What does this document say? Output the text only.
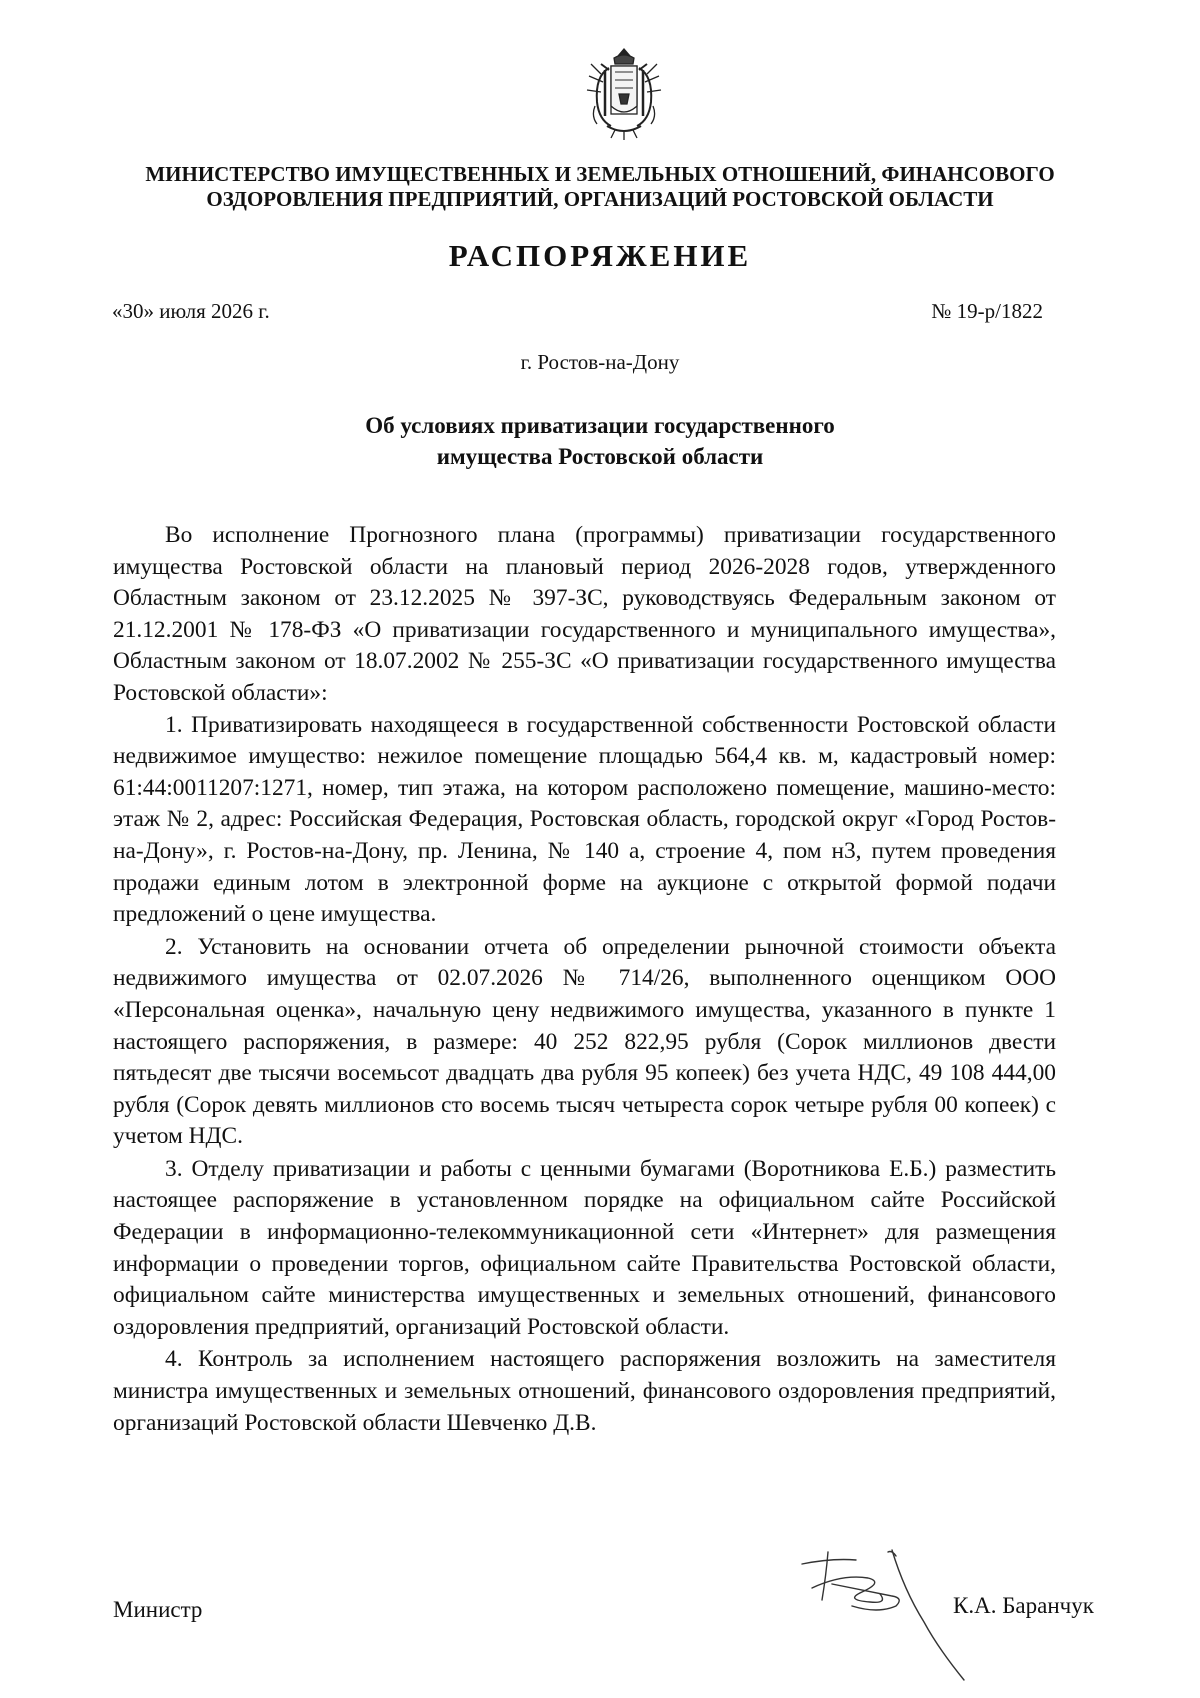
МИНИСТЕРСТВО ИМУЩЕСТВЕННЫХ И ЗЕМЕЛЬНЫХ ОТНОШЕНИЙ, ФИНАНСОВОГО
ОЗДОРОВЛЕНИЯ ПРЕДПРИЯТИЙ, ОРГАНИЗАЦИЙ РОСТОВСКОЙ ОБЛАСТИ
РАСПОРЯЖЕНИЕ
«30» июля 2026 г.	№ 19-р/1822
г. Ростов-на-Дону
Об условиях приватизации государственного
имущества Ростовской области

Во исполнение Прогнозного плана (программы) приватизации государственного имущества Ростовской области на плановый период 2026-2028 годов, утвержденного Областным законом от 23.12.2025 № 397-ЗС, руководствуясь Федеральным законом от 21.12.2001 № 178-ФЗ «О приватизации государственного и муниципального имущества», Областным законом от 18.07.2002 № 255-ЗС «О приватизации государственного имущества Ростовской области»:

1. Приватизировать находящееся в государственной собственности Ростовской области недвижимое имущество: нежилое помещение площадью 564,4 кв. м, кадастровый номер: 61:44:0011207:1271, номер, тип этажа, на котором расположено помещение, машино-место: этаж № 2, адрес: Российская Федерация, Ростовская область, городской округ «Город Ростов-на-Дону», г. Ростов-на-Дону, пр. Ленина, № 140 а, строение 4, пом н3, путем проведения продажи единым лотом в электронной форме на аукционе с открытой формой подачи предложений о цене имущества.

2. Установить на основании отчета об определении рыночной стоимости объекта недвижимого имущества от 02.07.2026 № 714/26, выполненного оценщиком ООО «Персональная оценка», начальную цену недвижимого имущества, указанного в пункте 1 настоящего распоряжения, в размере: 40 252 822,95 рубля (Сорок миллионов двести пятьдесят две тысячи восемьсот двадцать два рубля 95 копеек) без учета НДС, 49 108 444,00 рубля (Сорок девять миллионов сто восемь тысяч четыреста сорок четыре рубля 00 копеек) с учетом НДС.

3. Отделу приватизации и работы с ценными бумагами (Воротникова Е.Б.) разместить настоящее распоряжение в установленном порядке на официальном сайте Российской Федерации в информационно-телекоммуникационной сети «Интернет» для размещения информации о проведении торгов, официальном сайте Правительства Ростовской области, официальном сайте министерства имущественных и земельных отношений, финансового оздоровления предприятий, организаций Ростовской области.

4. Контроль за исполнением настоящего распоряжения возложить на заместителя министра имущественных и земельных отношений, финансового оздоровления предприятий, организаций Ростовской области Шевченко Д.В.

Министр	К.А. Баранчук
